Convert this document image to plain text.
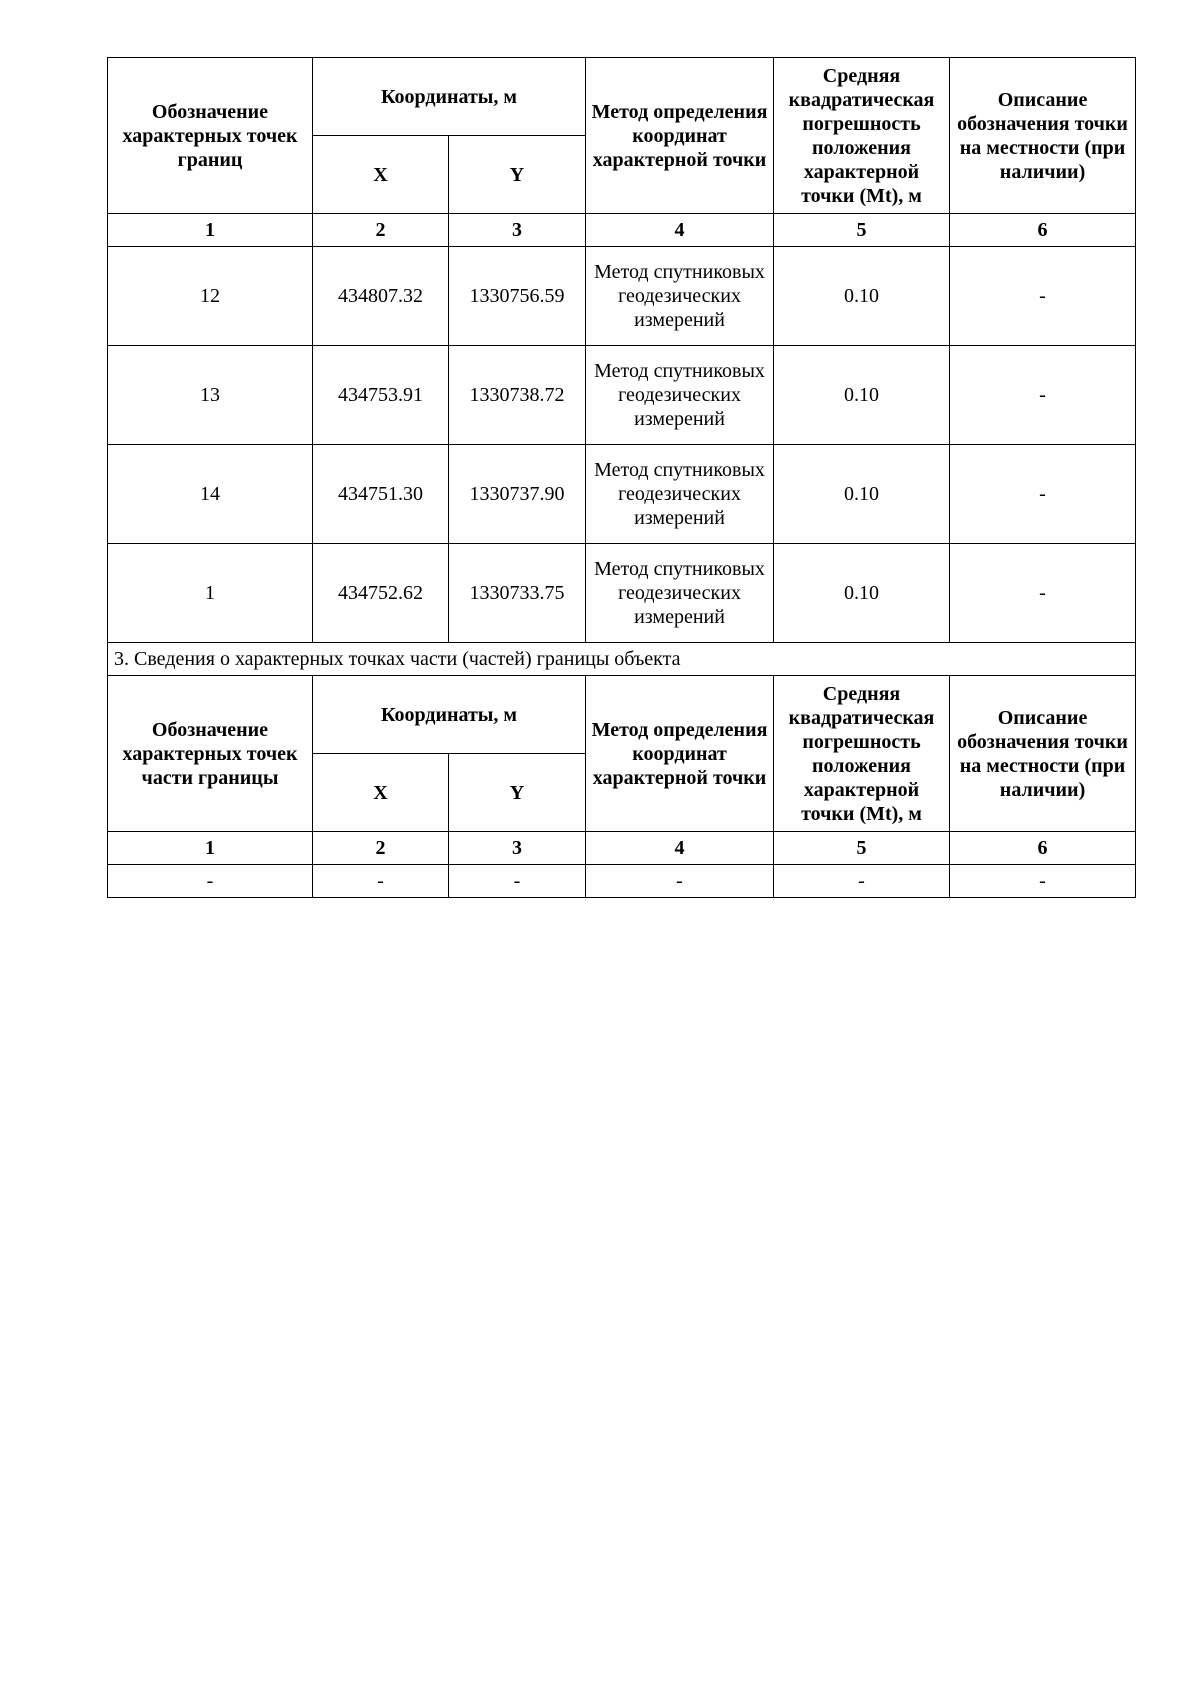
Обозначение характерных точек границ	Координаты, м		Метод определения координат характерной точки	Средняя квадратическая погрешность положения характерной точки (Mt), м	Описание обозначения точки на местности (при наличии)
	X	Y			
1	2	3	4	5	6
12	434807.32	1330756.59	Метод спутниковых геодезических измерений	0.10	-
13	434753.91	1330738.72	Метод спутниковых геодезических измерений	0.10	-
14	434751.30	1330737.90	Метод спутниковых геодезических измерений	0.10	-
1	434752.62	1330733.75	Метод спутниковых геодезических измерений	0.10	-
3. Сведения о характерных точках части (частей) границы объекта					
Обозначение характерных точек части границы	Координаты, м		Метод определения координат характерной точки	Средняя квадратическая погрешность положения характерной точки (Mt), м	Описание обозначения точки на местности (при наличии)
	X	Y			
1	2	3	4	5	6
-	-	-	-	-	-
